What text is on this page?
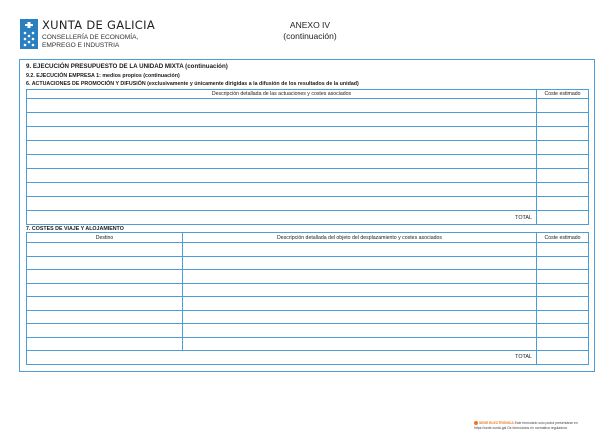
XUNTA DE GALICIA
CONSELLERÍA DE ECONOMÍA,
EMPREGO E INDUSTRIA
ANEXO IV
(continuación)
9. EJECUCIÓN PRESUPUESTO DE LA UNIDAD MIXTA (continuación)
9.2. EJECUCIÓN EMPRESA 1: medios propios (continuación)
6. ACTUACIONES DE PROMOCIÓN Y DIFUSIÓN (exclusivamente y únicamente dirigidas a la difusión de los resultados de la unidad)
Descripción detallada de las actuaciones y costes asociados	Coste estimado

TOTAL	
7. COSTES DE VIAJE Y ALOJAMIENTO
Destino	Descripción detallada del objeto del desplazamiento y costes asociados	Coste estimado

TOTAL		
SEDE ELECTRÓNICA Este formulario solo podrá presentarse en
https://sede.xunta.gal Os formularios en normativa reguladora
